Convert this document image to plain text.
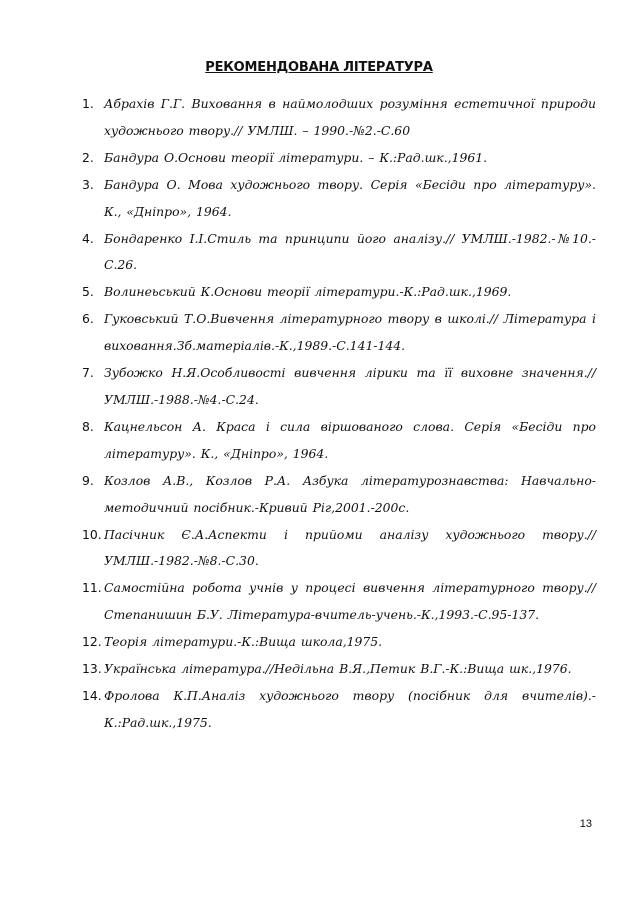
РЕКОМЕНДОВАНА ЛІТЕРАТУРА
1. Абрахів Г.Г. Виховання в наймолодших розуміння естетичної природи художнього твору.// УМЛШ. – 1990.-№2.-С.60
2. Бандура О.Основи теорії літератури. – К.:Рад.шк.,1961.
3. Бандура О. Мова художнього твору. Серія «Бесіди про літературу». К., «Дніпро», 1964.
4. Бондаренко І.І.Стиль та принципи його аналізу.// УМЛШ.-1982.-№10.-С.26.
5. Волинеьський К.Основи теорії літератури.-К.:Рад.шк.,1969.
6. Гуковський Т.О.Вивчення літературного твору в школі.// Література і виховання.Зб.матеріалів.-К.,1989.-С.141-144.
7. Зубожко Н.Я.Особливості вивчення лірики та її виховне значення.// УМЛШ.-1988.-№4.-С.24.
8. Кацнельсон А. Краса і сила віршованого слова. Серія «Бесіди про літературу». К., «Дніпро», 1964.
9. Козлов А.В., Козлов Р.А. Азбука літературознавства: Навчально-методичний посібник.-Кривий Ріг,2001.-200с.
10. Пасічник Є.А.Аспекти і прийоми аналізу художнього твору.//УМЛШ.-1982.-№8.-С.30.
11. Самостійна робота учнів у процесі вивчення літературного твору.// Степанишин Б.У. Література-вчитель-учень.-К.,1993.-С.95-137.
12. Теорія літератури.-К.:Вища школа,1975.
13. Українська література.//Недільна В.Я.,Петик В.Г.-К.:Вища шк.,1976.
14. Фролова К.П.Аналіз художнього твору (посібник для вчителів).-К.:Рад.шк.,1975.
13
